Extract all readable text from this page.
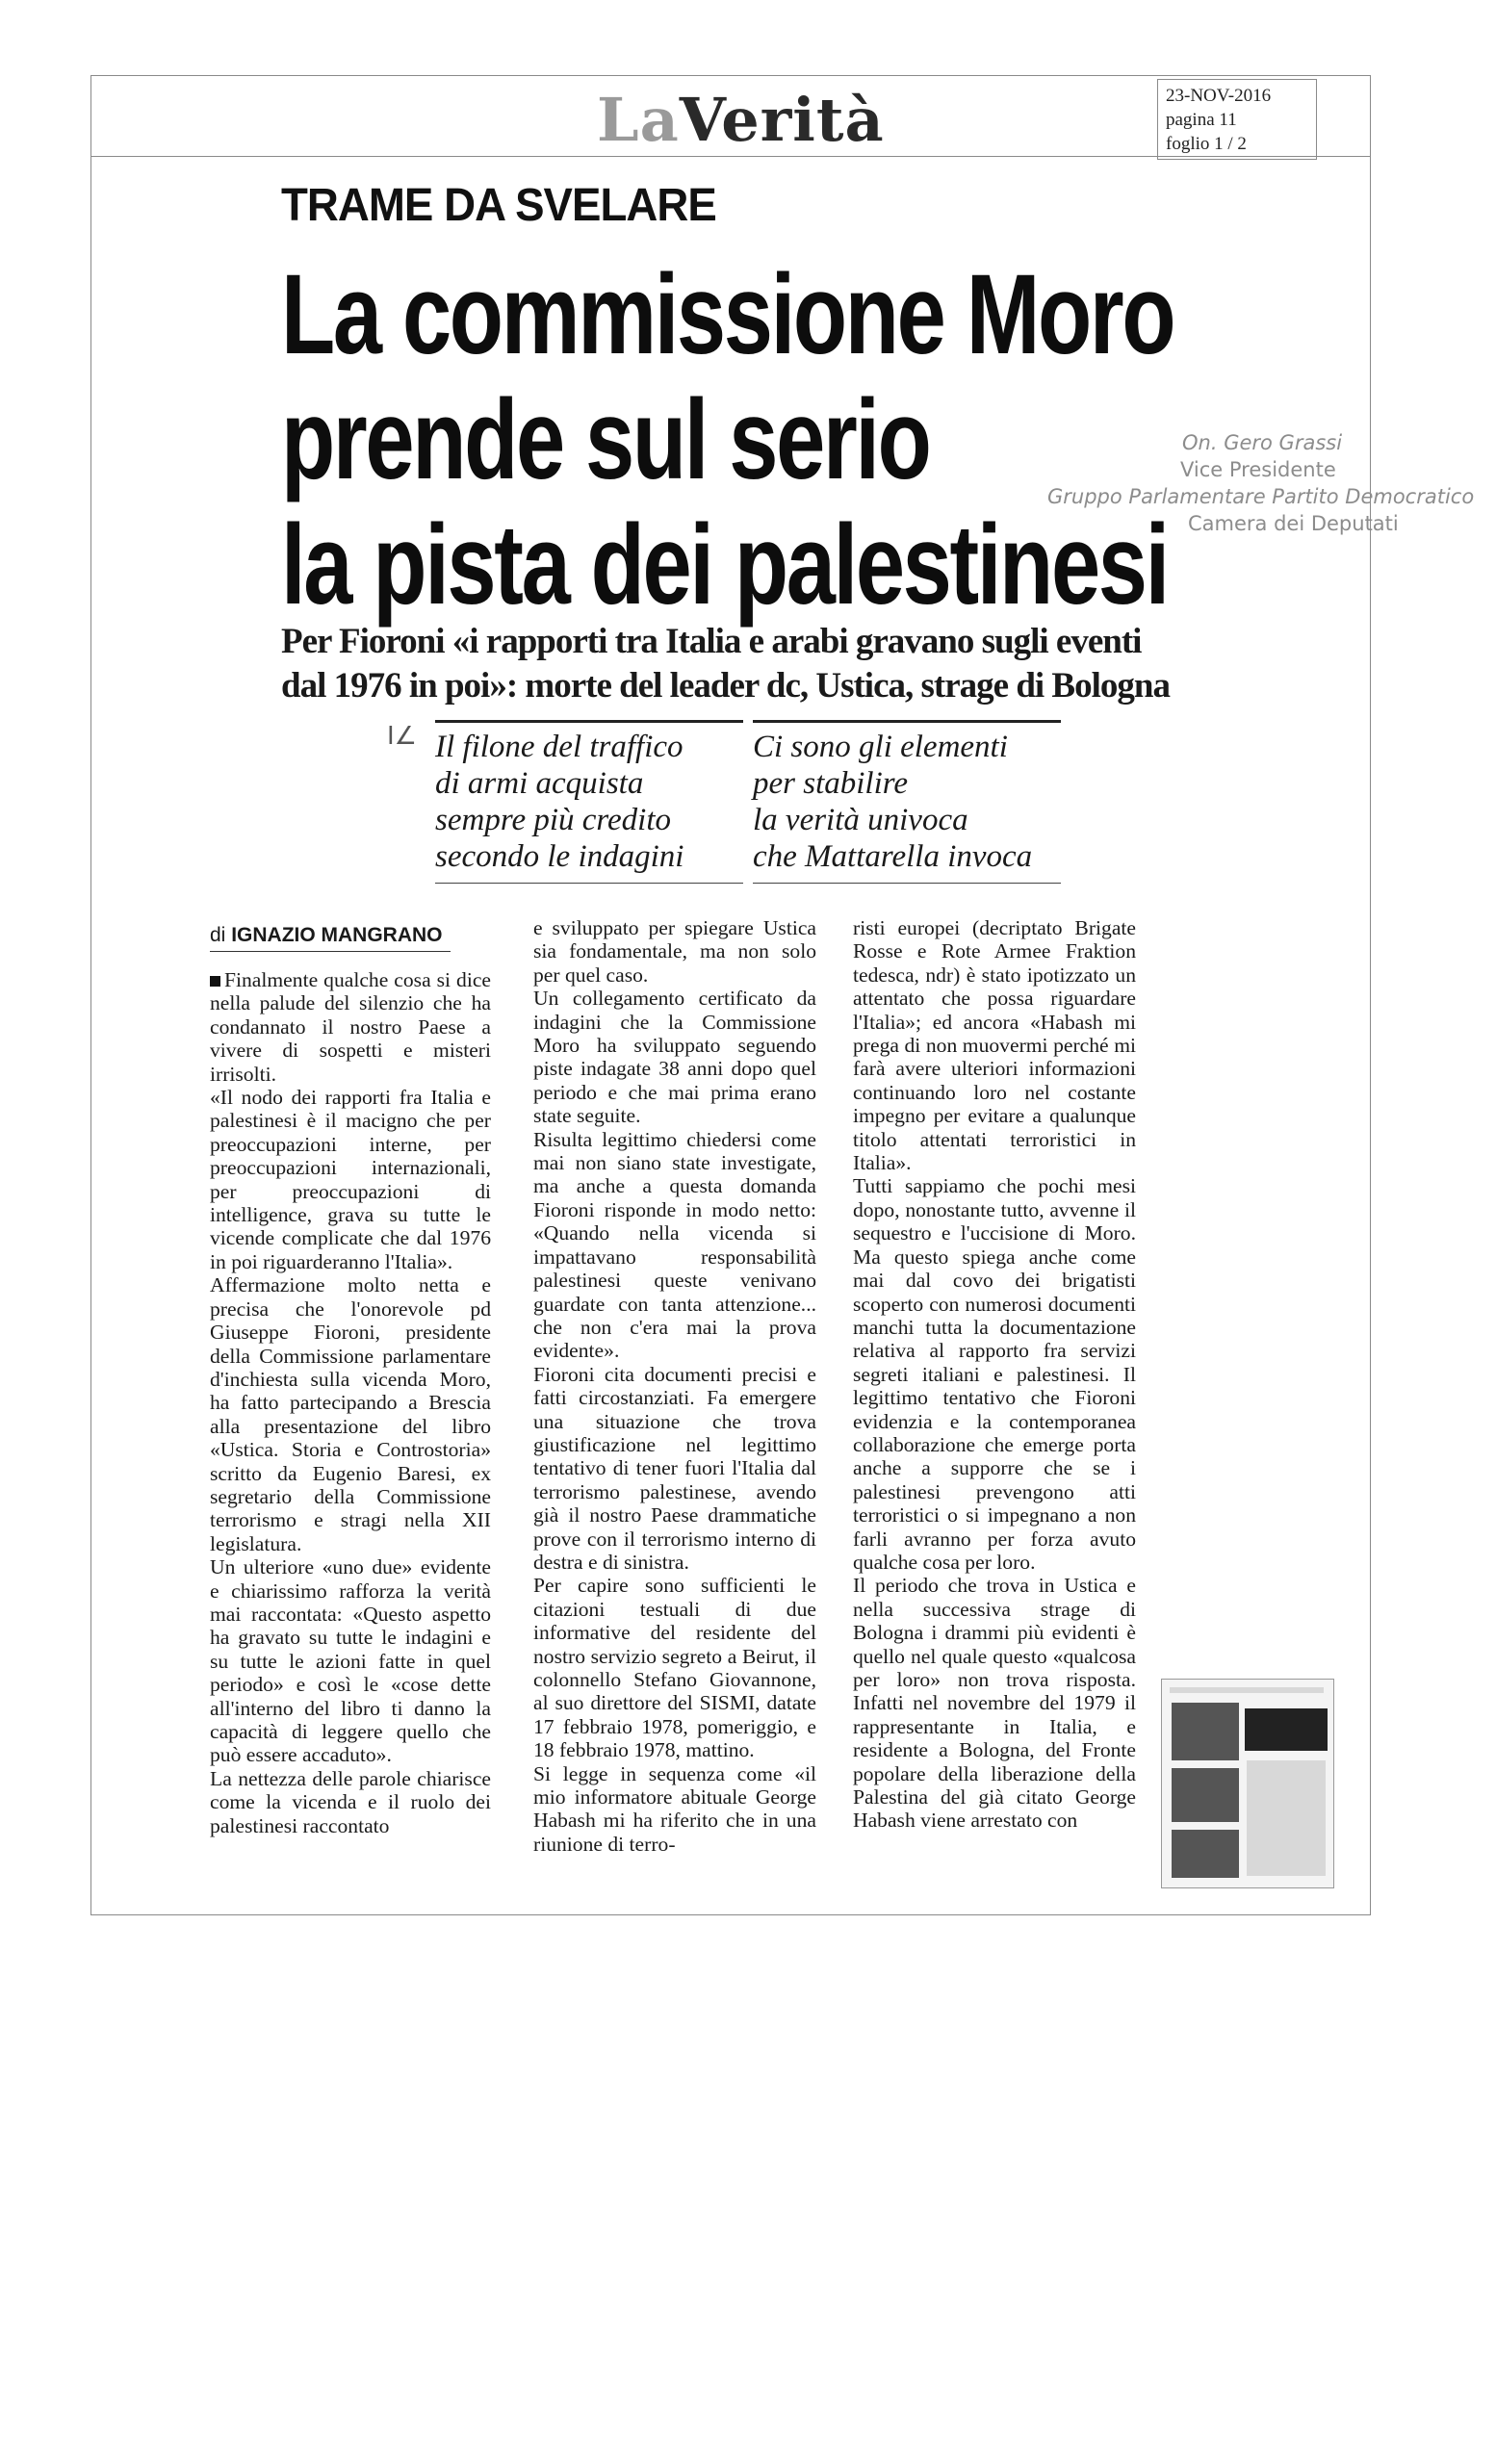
LaVerità	23-NOV-2016
pagina 11
foglio 1 / 2
TRAME DA SVELARE
La commissione Moro
prende sul serio
la pista dei palestinesi
On. Gero Grassi
Vice Presidente
Gruppo Parlamentare Partito Democratico
Camera dei Deputati
Per Fioroni «i rapporti tra Italia e arabi gravano sugli eventi
dal 1976 in poi»: morte del leader dc, Ustica, strage di Bologna
I∠ Il filone del traffico

di armi acquista

sempre più credito

secondo le indagini

Ci sono gli elementi

per stabilire

la verità univoca

che Mattarella invoca

di IGNAZIO MANGRANO

Finalmente qualche cosa si dice nella palude del silenzio che ha condannato il nostro Paese a vivere di sospetti e misteri irrisolti.

«Il nodo dei rapporti fra Italia e palestinesi è il macigno che per preoccupazioni interne, per preoccupazioni internazionali, per preoccupazioni di intelligence, grava su tutte le vicende complicate che dal 1976 in poi riguarderanno l'Italia».

Affermazione molto netta e precisa che l'onorevole pd Giuseppe Fioroni, presidente della Commissione parlamentare d'inchiesta sulla vicenda Moro, ha fatto partecipando a Brescia alla presentazione del libro «Ustica. Storia e Controstoria» scritto da Eugenio Baresi, ex segretario della Commissione terrorismo e stragi nella XII legislatura.

Un ulteriore «uno due» evidente e chiarissimo rafforza la verità mai raccontata: «Questo aspetto ha gravato su tutte le indagini e su tutte le azioni fatte in quel periodo» e così le «cose dette all'interno del libro ti danno la capacità di leggere quello che può essere accaduto».

La nettezza delle parole chiarisce come la vicenda e il ruolo dei palestinesi raccontato

e sviluppato per spiegare Ustica sia fondamentale, ma non solo per quel caso.

Un collegamento certificato da indagini che la Commissione Moro ha sviluppato seguendo piste indagate 38 anni dopo quel periodo e che mai prima erano state seguite.

Risulta legittimo chiedersi come mai non siano state investigate, ma anche a questa domanda Fioroni risponde in modo netto: «Quando nella vicenda si impattavano responsabilità palestinesi queste venivano guardate con tanta attenzione... che non c'era mai la prova evidente».

Fioroni cita documenti precisi e fatti circostanziati. Fa emergere una situazione che trova giustificazione nel legittimo tentativo di tener fuori l'Italia dal terrorismo palestinese, avendo già il nostro Paese drammatiche prove con il terrorismo interno di destra e di sinistra.

Per capire sono sufficienti le citazioni testuali di due informative del residente del nostro servizio segreto a Beirut, il colonnello Stefano Giovannone, al suo direttore del SISMI, datate 17 febbraio 1978, pomeriggio, e 18 febbraio 1978, mattino.

Si legge in sequenza come «il mio informatore abituale George Habash mi ha riferito che in una riunione di terro-

risti europei (decriptato Brigate Rosse e Rote Armee Fraktion tedesca, ndr) è stato ipotizzato un attentato che possa riguardare l'Italia»; ed ancora «Habash mi prega di non muovermi perché mi farà avere ulteriori informazioni continuando loro nel costante impegno per evitare a qualunque titolo attentati terroristici in Italia».

Tutti sappiamo che pochi mesi dopo, nonostante tutto, avvenne il sequestro e l'uccisione di Moro. Ma questo spiega anche come mai dal covo dei brigatisti scoperto con numerosi documenti manchi tutta la documentazione relativa al rapporto fra servizi segreti italiani e palestinesi. Il legittimo tentativo che Fioroni evidenzia e la contemporanea collaborazione che emerge porta anche a supporre che se i palestinesi prevengono atti terroristici o si impegnano a non farli avranno per forza avuto qualche cosa per loro.

Il periodo che trova in Ustica e nella successiva strage di Bologna i drammi più evidenti è quello nel quale questo «qualcosa per loro» non trova risposta. Infatti nel novembre del 1979 il rappresentante in Italia, e residente a Bologna, del Fronte popolare della liberazione della Palestina del già citato George Habash viene arrestato con
